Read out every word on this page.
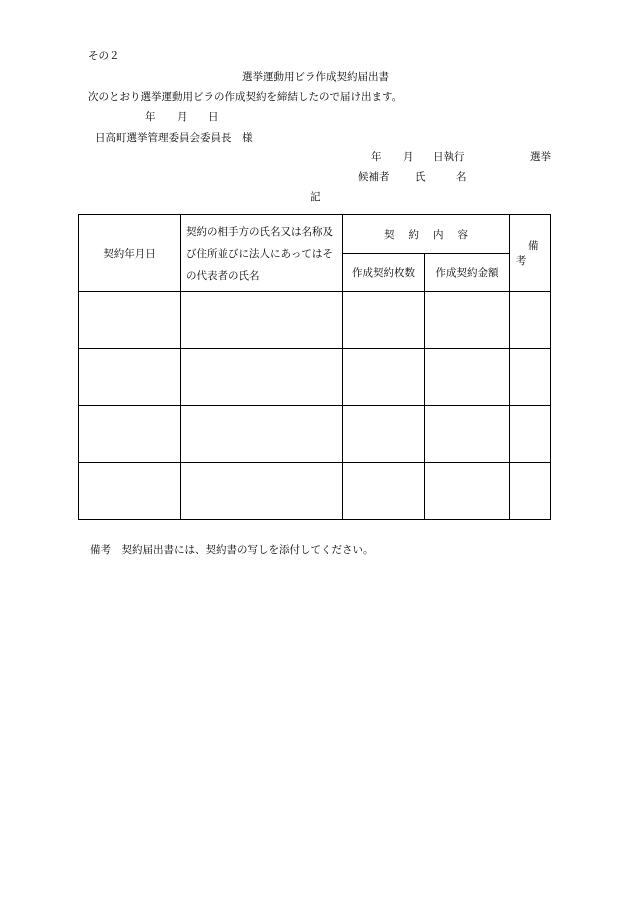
その２
選挙運動用ビラ作成契約届出書
次のとおり選挙運動用ビラの作成契約を締結したので届け出ます。
年 月 日
日高町選挙管理委員会委員長　様
年 月 日執行	選挙
候補者 氏	名
記
契約年月日	契約の相手方の氏名又は名称及び住所並びに法人にあってはその代表者の氏名	契約内容		備考
		作成契約枚数	作成契約金額	

備考　契約届出書には、契約書の写しを添付してください。
